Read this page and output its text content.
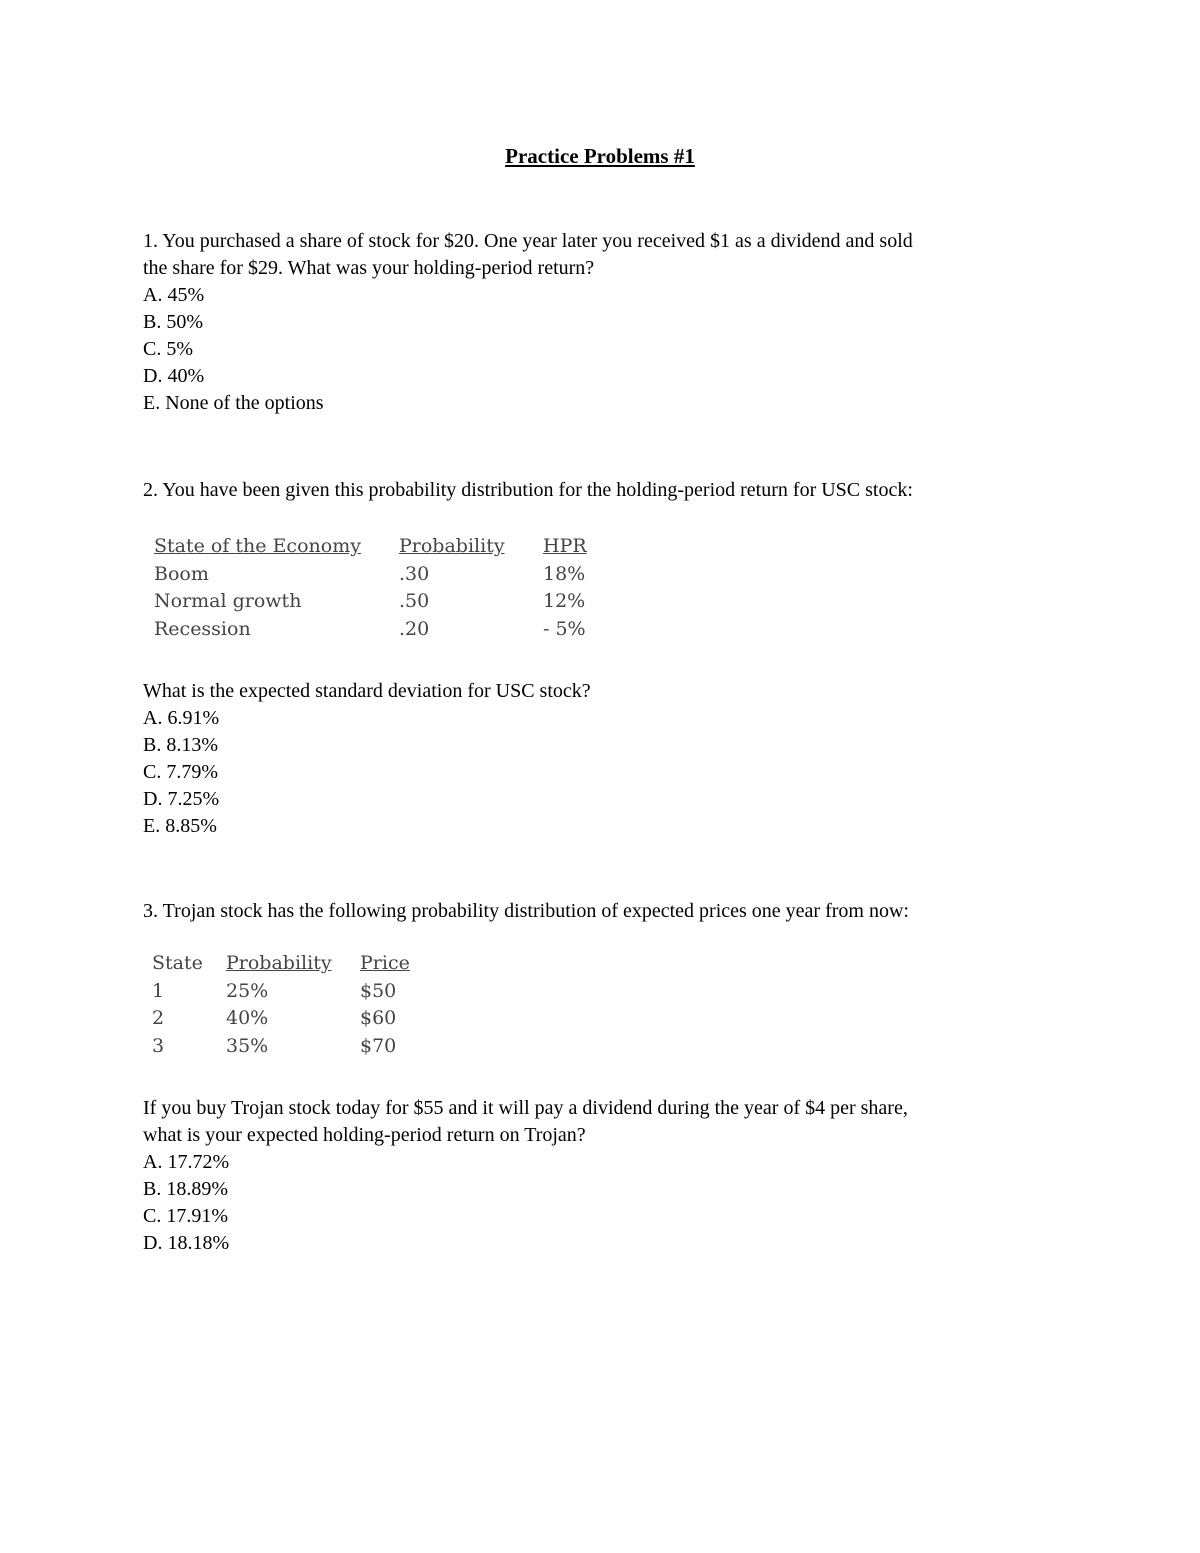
Practice Problems #1

1. You purchased a share of stock for $20. One year later you received $1 as a dividend and sold

the share for $29. What was your holding-period return?

A. 45%

B. 50%

C. 5%

D. 40%

E. None of the options

2. You have been given this probability distribution for the holding-period return for USC stock:

State of the Economy	Probability	HPR
Boom	.30	18%
Normal growth	.50	12%
Recession	.20	- 5%

What is the expected standard deviation for USC stock?

A. 6.91%

B. 8.13%

C. 7.79%

D. 7.25%

E. 8.85%

3. Trojan stock has the following probability distribution of expected prices one year from now:

State	Probability	Price
1	25%	$50
2	40%	$60
3	35%	$70

If you buy Trojan stock today for $55 and it will pay a dividend during the year of $4 per share,

what is your expected holding-period return on Trojan?

A. 17.72%

B. 18.89%

C. 17.91%

D. 18.18%
